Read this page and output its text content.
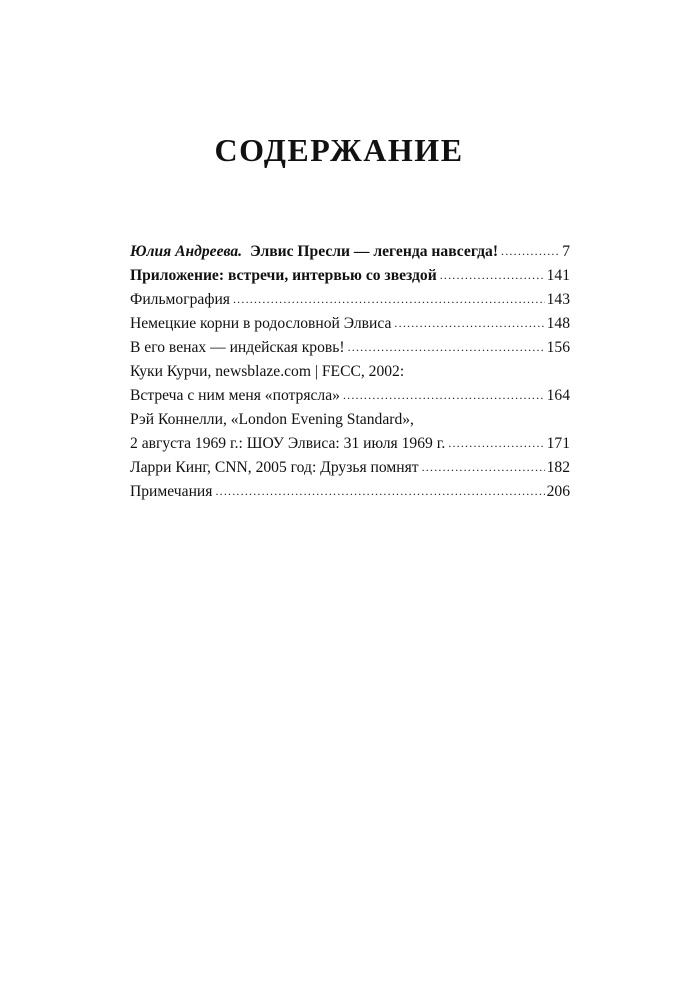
СОДЕРЖАНИЕ
Юлия Андреева. Элвис Пресли — легенда навсегда! .....	7
Приложение: встречи, интервью со звездой .....	141
Фильмография .....	143
Немецкие корни в родословной Элвиса .....	148
В его венах — индейская кровь! .....	156
Куки Курчи, newsblaze.com | FECC, 2002:
Встреча с ним меня «потрясла» .....	164
Рэй Коннелли, «London Evening Standard»,
2 августа 1969 г.: ШОУ Элвиса: 31 июля 1969 г. .....	171
Ларри Кинг, CNN, 2005 год: Друзья помнят .....	182
Примечания .....	206
